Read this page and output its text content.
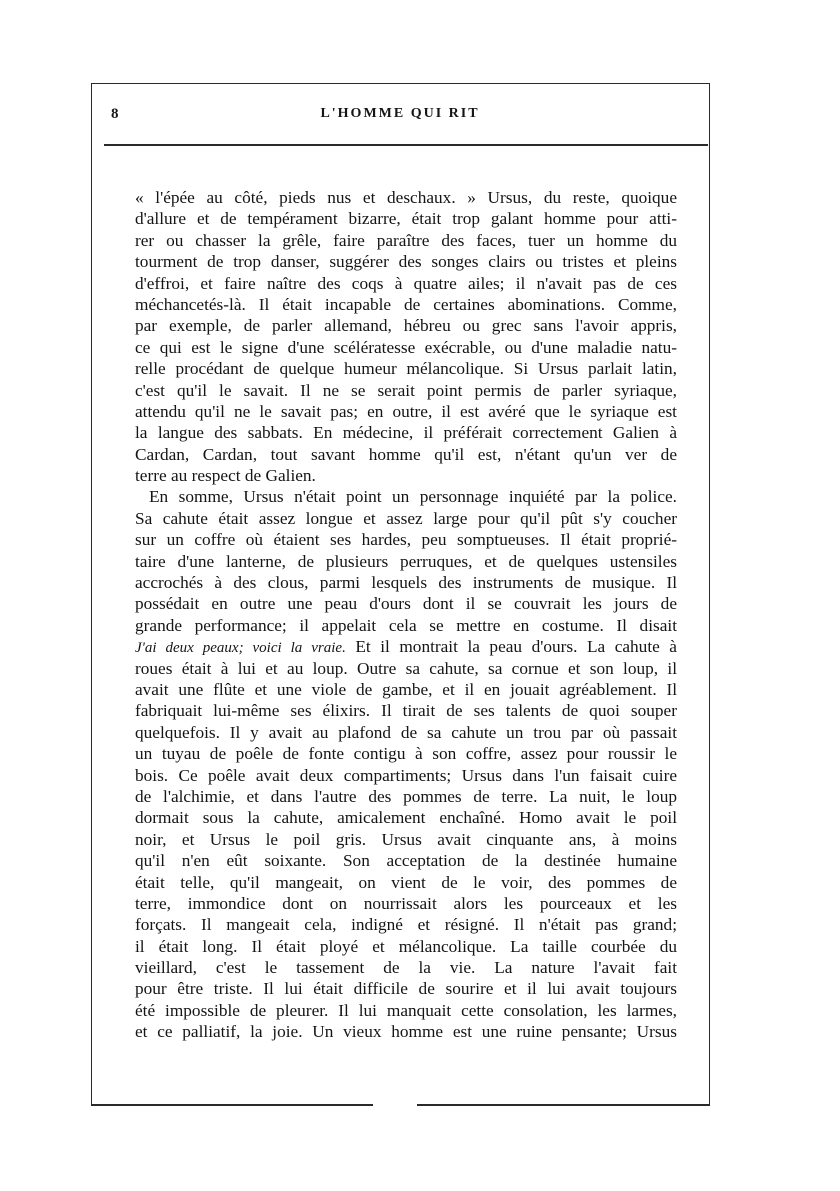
8	L'HOMME QUI RIT
« l'épée au côté, pieds nus et deschaux. » Ursus, du reste, quoique
d'allure et de tempérament bizarre, était trop galant homme pour atti-
rer ou chasser la grêle, faire paraître des faces, tuer un homme du
tourment de trop danser, suggérer des songes clairs ou tristes et pleins
d'effroi, et faire naître des coqs à quatre ailes; il n'avait pas de ces
méchancetés-là. Il était incapable de certaines abominations. Comme,
par exemple, de parler allemand, hébreu ou grec sans l'avoir appris,
ce qui est le signe d'une scélératesse exécrable, ou d'une maladie natu-
relle procédant de quelque humeur mélancolique. Si Ursus parlait latin,
c'est qu'il le savait. Il ne se serait point permis de parler syriaque,
attendu qu'il ne le savait pas; en outre, il est avéré que le syriaque est
la langue des sabbats. En médecine, il préférait correctement Galien à
Cardan, Cardan, tout savant homme qu'il est, n'étant qu'un ver de
terre au respect de Galien.
En somme, Ursus n'était point un personnage inquiété par la police.
Sa cahute était assez longue et assez large pour qu'il pût s'y coucher
sur un coffre où étaient ses hardes, peu somptueuses. Il était proprié-
taire d'une lanterne, de plusieurs perruques, et de quelques ustensiles
accrochés à des clous, parmi lesquels des instruments de musique. Il
possédait en outre une peau d'ours dont il se couvrait les jours de
grande performance; il appelait cela se mettre en costume. Il disait
J'ai deux peaux; voici la vraie. Et il montrait la peau d'ours. La cahute à
roues était à lui et au loup. Outre sa cahute, sa cornue et son loup, il
avait une flûte et une viole de gambe, et il en jouait agréablement. Il
fabriquait lui-même ses élixirs. Il tirait de ses talents de quoi souper
quelquefois. Il y avait au plafond de sa cahute un trou par où passait
un tuyau de poêle de fonte contigu à son coffre, assez pour roussir le
bois. Ce poêle avait deux compartiments; Ursus dans l'un faisait cuire
de l'alchimie, et dans l'autre des pommes de terre. La nuit, le loup
dormait sous la cahute, amicalement enchaîné. Homo avait le poil
noir, et Ursus le poil gris. Ursus avait cinquante ans, à moins
qu'il n'en eût soixante. Son acceptation de la destinée humaine
était telle, qu'il mangeait, on vient de le voir, des pommes de
terre, immondice dont on nourrissait alors les pourceaux et les
forçats. Il mangeait cela, indigné et résigné. Il n'était pas grand;
il était long. Il était ployé et mélancolique. La taille courbée du
vieillard, c'est le tassement de la vie. La nature l'avait fait
pour être triste. Il lui était difficile de sourire et il lui avait toujours
été impossible de pleurer. Il lui manquait cette consolation, les larmes,
et ce palliatif, la joie. Un vieux homme est une ruine pensante; Ursus
